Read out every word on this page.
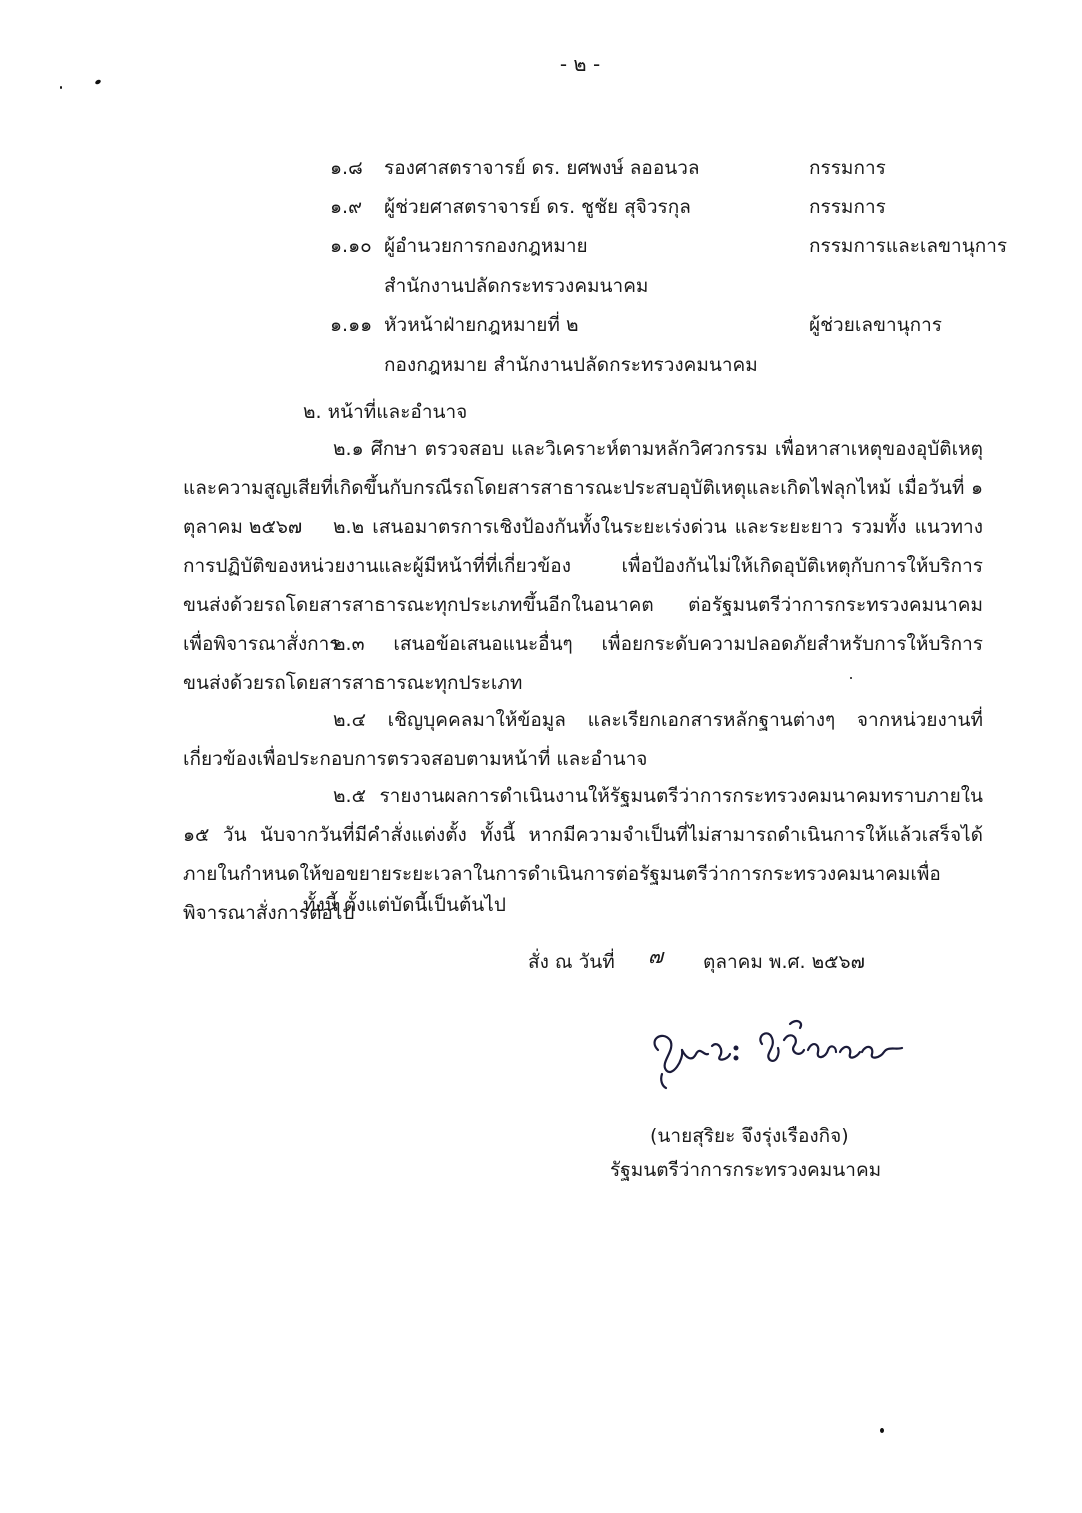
- ๒ -
๑.๘ รองศาสตราจารย์ ดร. ยศพงษ์ ลออนวล	กรรมการ
๑.๙ ผู้ช่วยศาสตราจารย์ ดร. ชูชัย สุจิวรกุล	กรรมการ
๑.๑๐ ผู้อำนวยการกองกฎหมาย	กรรมการและเลขานุการ
สำนักงานปลัดกระทรวงคมนาคม
๑.๑๑ หัวหน้าฝ่ายกฎหมายที่ ๒	ผู้ช่วยเลขานุการ
กองกฎหมาย สำนักงานปลัดกระทรวงคมนาคม
๒. หน้าที่และอำนาจ
๒.๑ ศึกษา ตรวจสอบ และวิเคราะห์ตามหลักวิศวกรรม เพื่อหาสาเหตุของอุบัติเหตุและความสูญเสียที่เกิดขึ้นกับกรณีรถโดยสารสาธารณะประสบอุบัติเหตุและเกิดไฟลุกไหม้ เมื่อวันที่ ๑ ตุลาคม ๒๕๖๗	๒.๒ เสนอมาตรการเชิงป้องกันทั้งในระยะเร่งด่วน และระยะยาว รวมทั้ง แนวทางการปฏิบัติของหน่วยงานและผู้มีหน้าที่ที่เกี่ยวข้อง เพื่อป้องกันไม่ให้เกิดอุบัติเหตุกับการให้บริการขนส่งด้วยรถโดยสารสาธารณะทุกประเภทขึ้นอีกในอนาคต ต่อรัฐมนตรีว่าการกระทรวงคมนาคมเพื่อพิจารณาสั่งการ
๒.๓ เสนอข้อเสนอแนะอื่นๆ เพื่อยกระดับความปลอดภัยสำหรับการให้บริการขนส่งด้วยรถโดยสารสาธารณะทุกประเภท
๒.๔ เชิญบุคคลมาให้ข้อมูล และเรียกเอกสารหลักฐานต่างๆ จากหน่วยงานที่เกี่ยวข้องเพื่อประกอบการตรวจสอบตามหน้าที่ และอำนาจ
๒.๕ รายงานผลการดำเนินงานให้รัฐมนตรีว่าการกระทรวงคมนาคมทราบภายใน ๑๕ วัน นับจากวันที่มีคำสั่งแต่งตั้ง ทั้งนี้ หากมีความจำเป็นที่ไม่สามารถดำเนินการให้แล้วเสร็จได้ภายในกำหนดให้ขอขยายระยะเวลาในการดำเนินการต่อรัฐมนตรีว่าการกระทรวงคมนาคมเพื่อพิจารณาสั่งการต่อไป
ทั้งนี้ ตั้งแต่บัดนี้เป็นต้นไป
สั่ง ณ วันที่ ๗ ตุลาคม พ.ศ. ๒๕๖๗
(นายสุริยะ จึงรุ่งเรืองกิจ)
รัฐมนตรีว่าการกระทรวงคมนาคม
